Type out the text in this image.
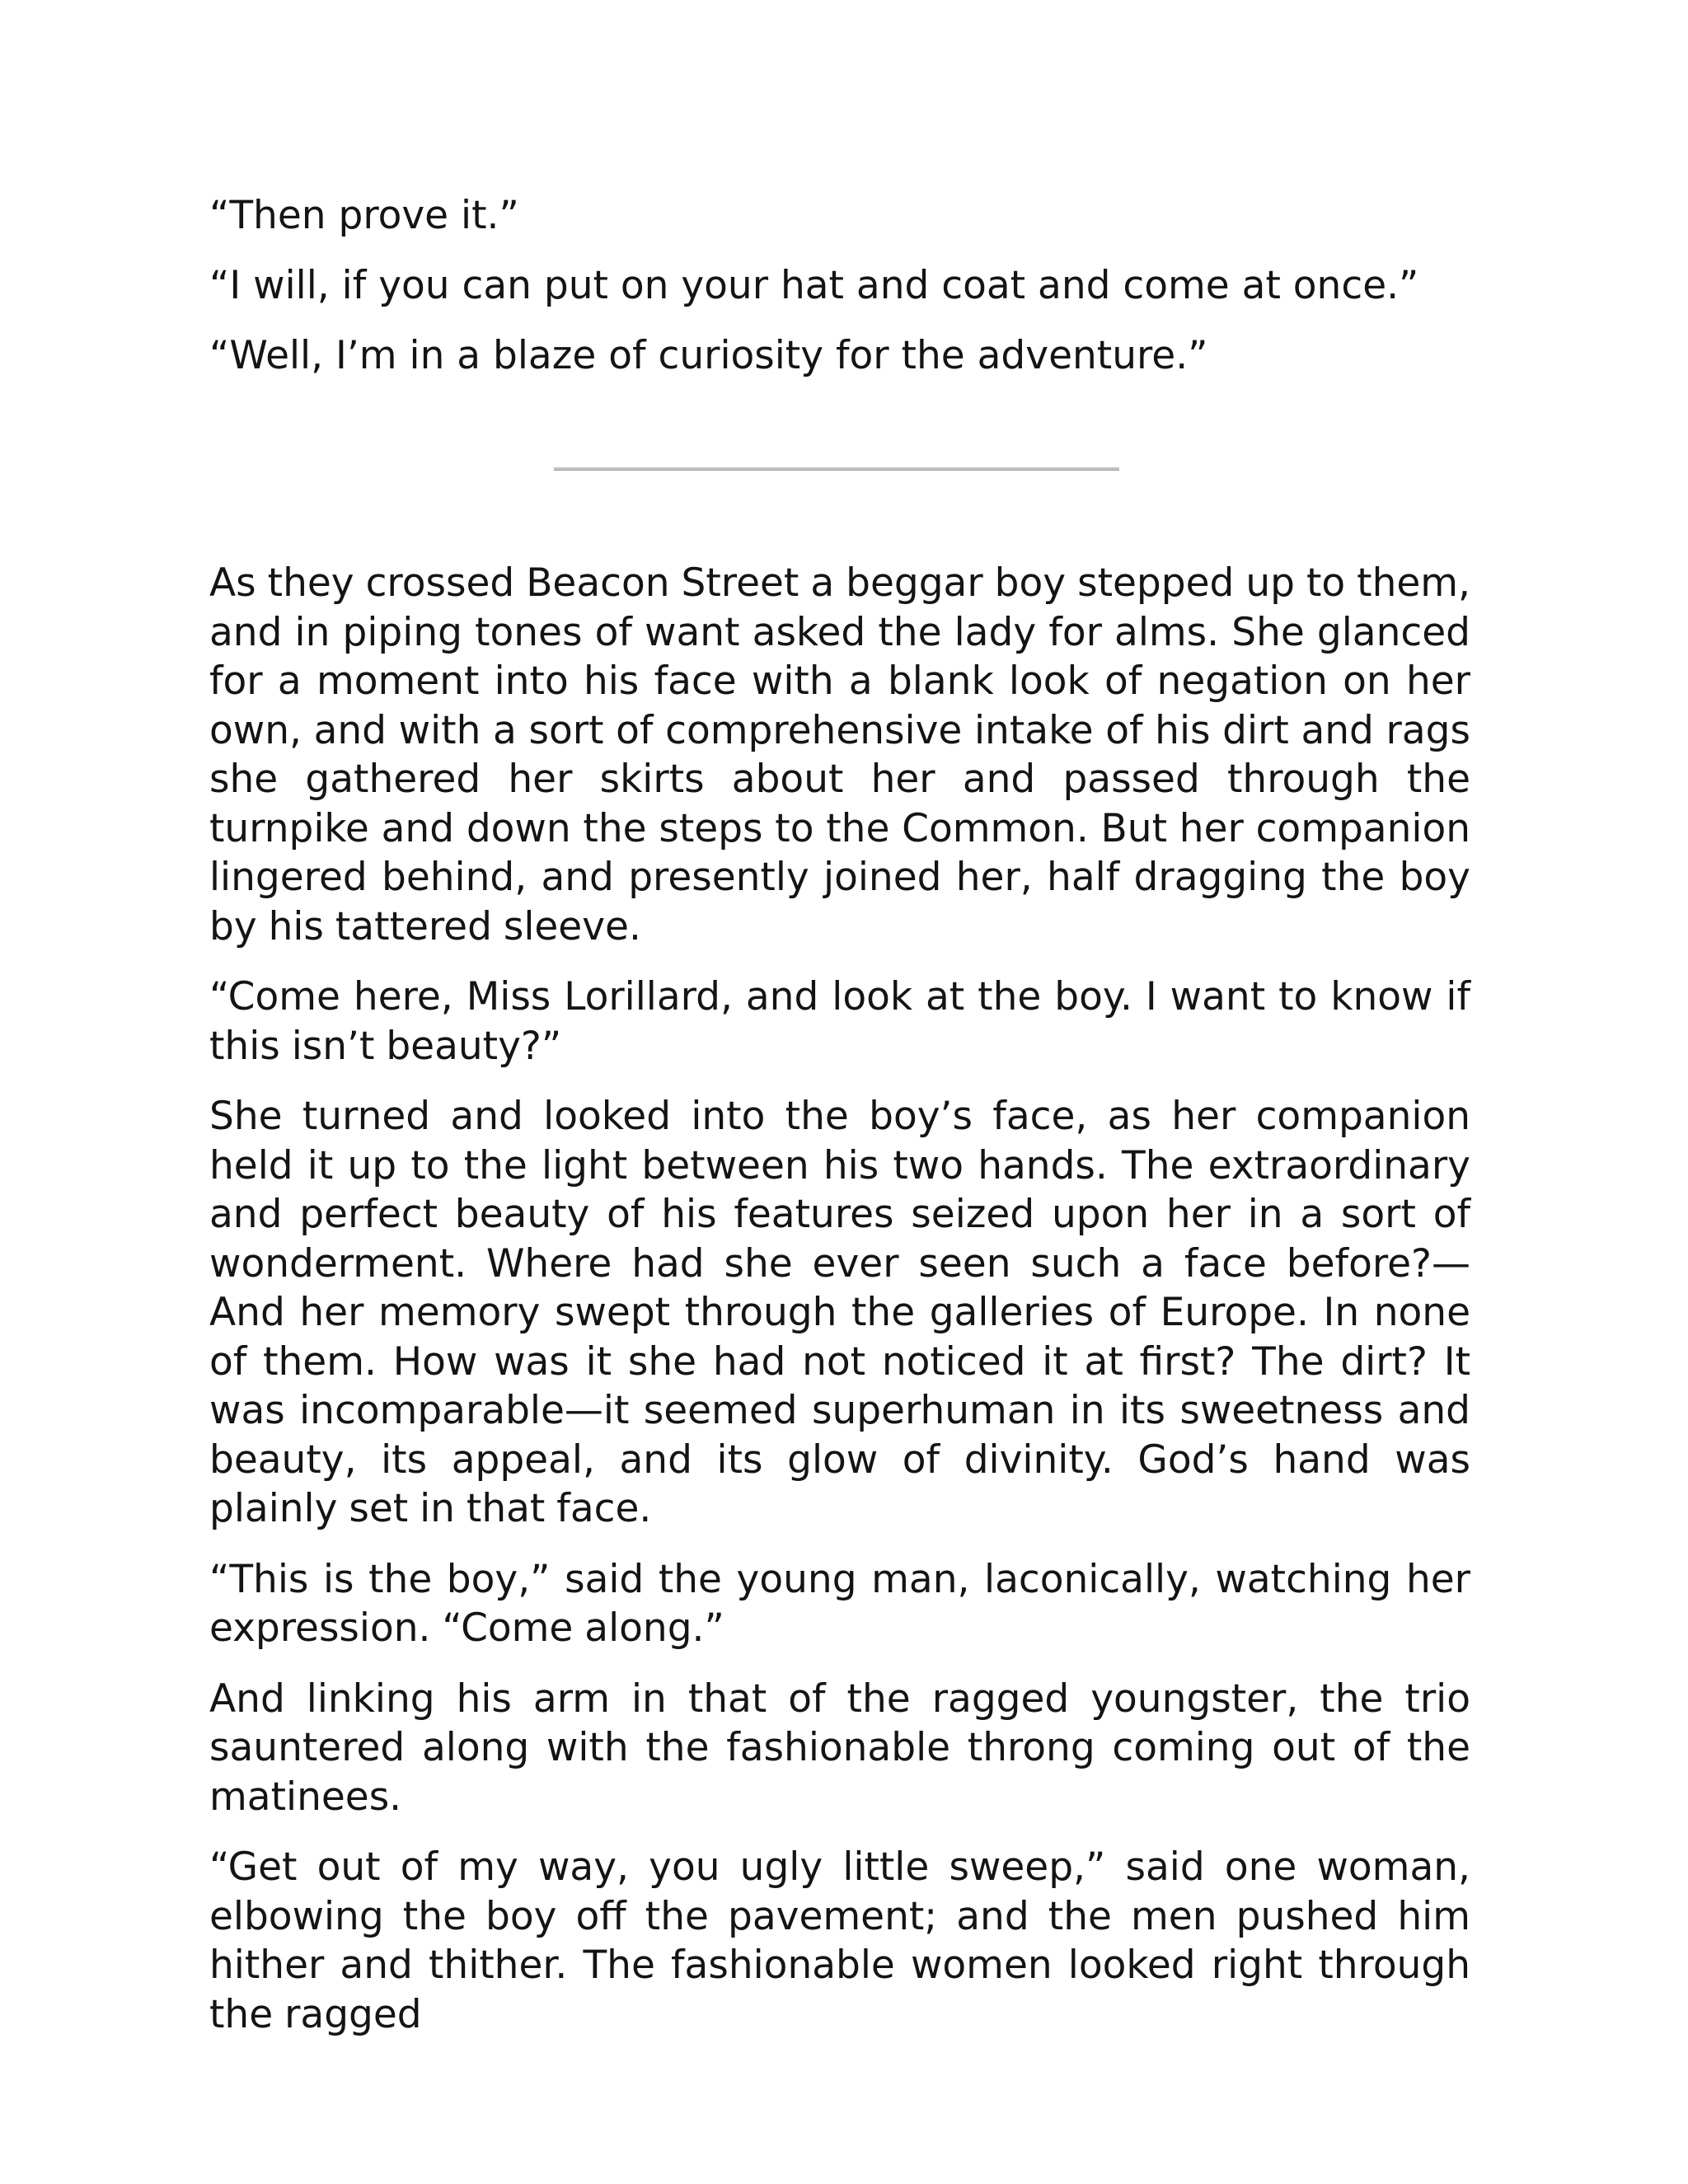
“Then prove it.”

“I will, if you can put on your hat and coat and come at once.”

“Well, I’m in a blaze of curiosity for the adventure.”

As they crossed Beacon Street a beggar boy stepped up to them, and in piping tones of want asked the lady for alms. She glanced for a moment into his face with a blank look of negation on her own, and with a sort of comprehensive intake of his dirt and rags she gathered her skirts about her and passed through the turnpike and down the steps to the Common. But her companion lingered behind, and presently joined her, half dragging the boy by his tattered sleeve.

“Come here, Miss Lorillard, and look at the boy. I want to know if this isn’t beauty?”

She turned and looked into the boy’s face, as her companion held it up to the light between his two hands. The extraordinary and perfect beauty of his features seized upon her in a sort of wonderment. Where had she ever seen such a face before?—And her memory swept through the galleries of Europe. In none of them. How was it she had not noticed it at first? The dirt? It was incomparable—it seemed superhuman in its sweetness and beauty, its appeal, and its glow of divinity. God’s hand was plainly set in that face.

“This is the boy,” said the young man, laconically, watching her expression. “Come along.”

And linking his arm in that of the ragged youngster, the trio sauntered along with the fashionable throng coming out of the matinees.

“Get out of my way, you ugly little sweep,” said one woman, elbowing the boy off the pavement; and the men pushed him hither and thither. The fashionable women looked right through the ragged
